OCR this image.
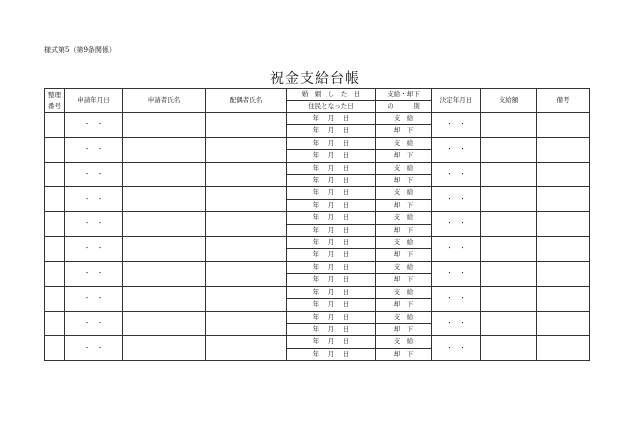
様式第5（第9条関係）
祝金支給台帳
整理
番号	申請年月日	申請者氏名	配偶者氏名	婚　姻　し　た　日	支給・却下	決定年月日	支給額	備考
				住民となった日	の　　　別			
	・　・			年　 月　 日	支　給	・　・		
				年　 月　 日	却　下			
	・　・			年　 月　 日	支　給	・　・		
				年　 月　 日	却　下			
	・　・			年　 月　 日	支　給	・　・		
				年　 月　 日	却　下			
	・　・			年　 月　 日	支　給	・　・		
				年　 月　 日	却　下			
	・　・			年　 月　 日	支　給	・　・		
				年　 月　 日	却　下			
	・　・			年　 月　 日	支　給	・　・		
				年　 月　 日	却　下			
	・　・			年　 月　 日	支　給	・　・		
				年　 月　 日	却　下			
	・　・			年　 月　 日	支　給	・　・		
				年　 月　 日	却　下			
	・　・			年　 月　 日	支　給	・　・		
				年　 月　 日	却　下			
	・　・			年　 月　 日	支　給	・　・		
				年　 月　 日	却　下			
